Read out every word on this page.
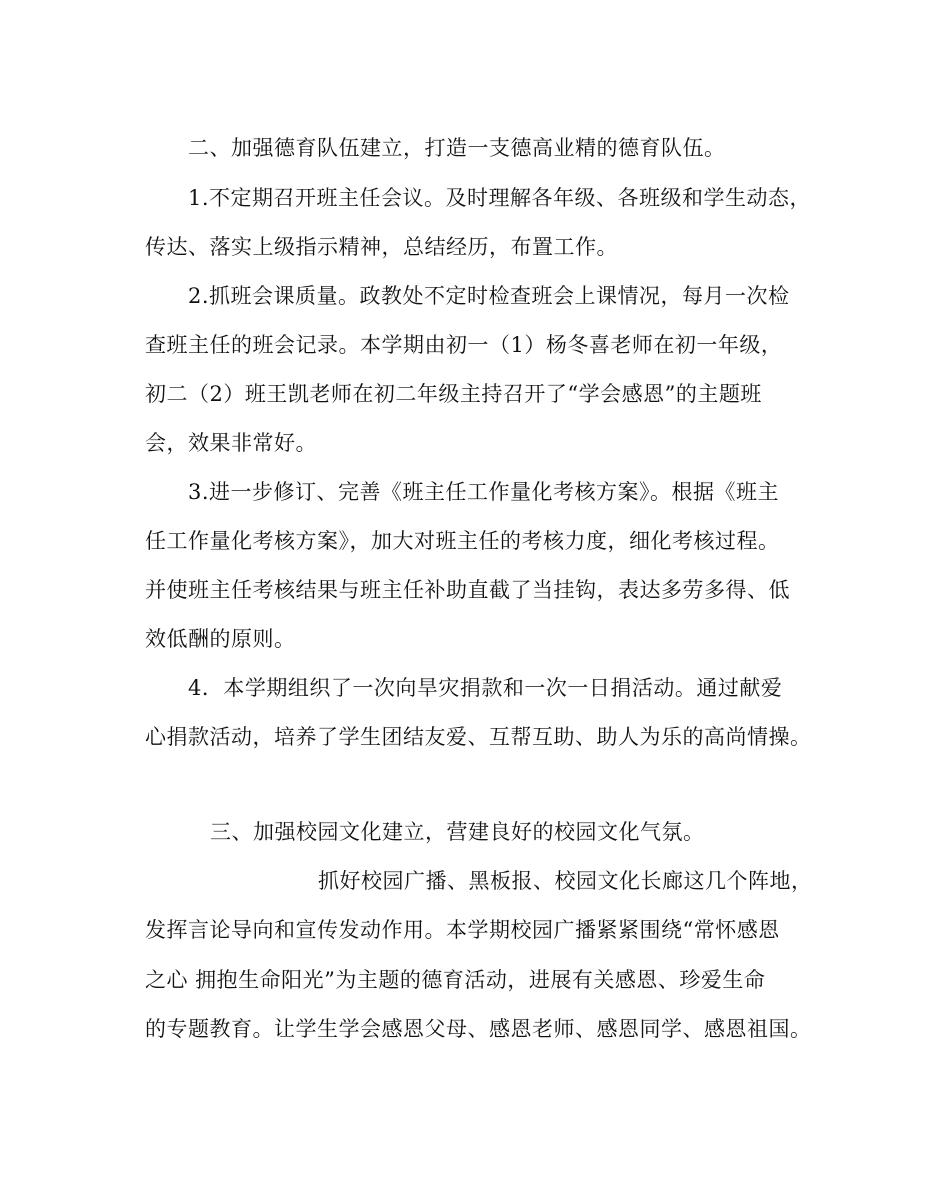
二、加强德育队伍建立，打造一支德高业精的德育队伍。
1.不定期召开班主任会议。及时理解各年级、各班级和学生动态，
传达、落实上级指示精神，总结经历，布置工作。
2.抓班会课质量。政教处不定时检查班会上课情况，每月一次检
查班主任的班会记录。本学期由初一（1）杨冬喜老师在初一年级，
初二（2）班王凯老师在初二年级主持召开了“学会感恩”的主题班
会，效果非常好。
3.进一步修订、完善《班主任工作量化考核方案》。根据《班主
任工作量化考核方案》，加大对班主任的考核力度，细化考核过程。
并使班主任考核结果与班主任补助直截了当挂钩，表达多劳多得、低
效低酬的原则。
4．本学期组织了一次向旱灾捐款和一次一日捐活动。通过献爱
心捐款活动，培养了学生团结友爱、互帮互助、助人为乐的高尚情操。
三、加强校园文化建立，营建良好的校园文化气氛。
抓好校园广播、黑板报、校园文化长廊这几个阵地，
发挥言论导向和宣传发动作用。本学期校园广播紧紧围绕“常怀感恩
之心 拥抱生命阳光”为主题的德育活动，进展有关感恩、珍爱生命
的专题教育。让学生学会感恩父母、感恩老师、感恩同学、感恩祖国。
